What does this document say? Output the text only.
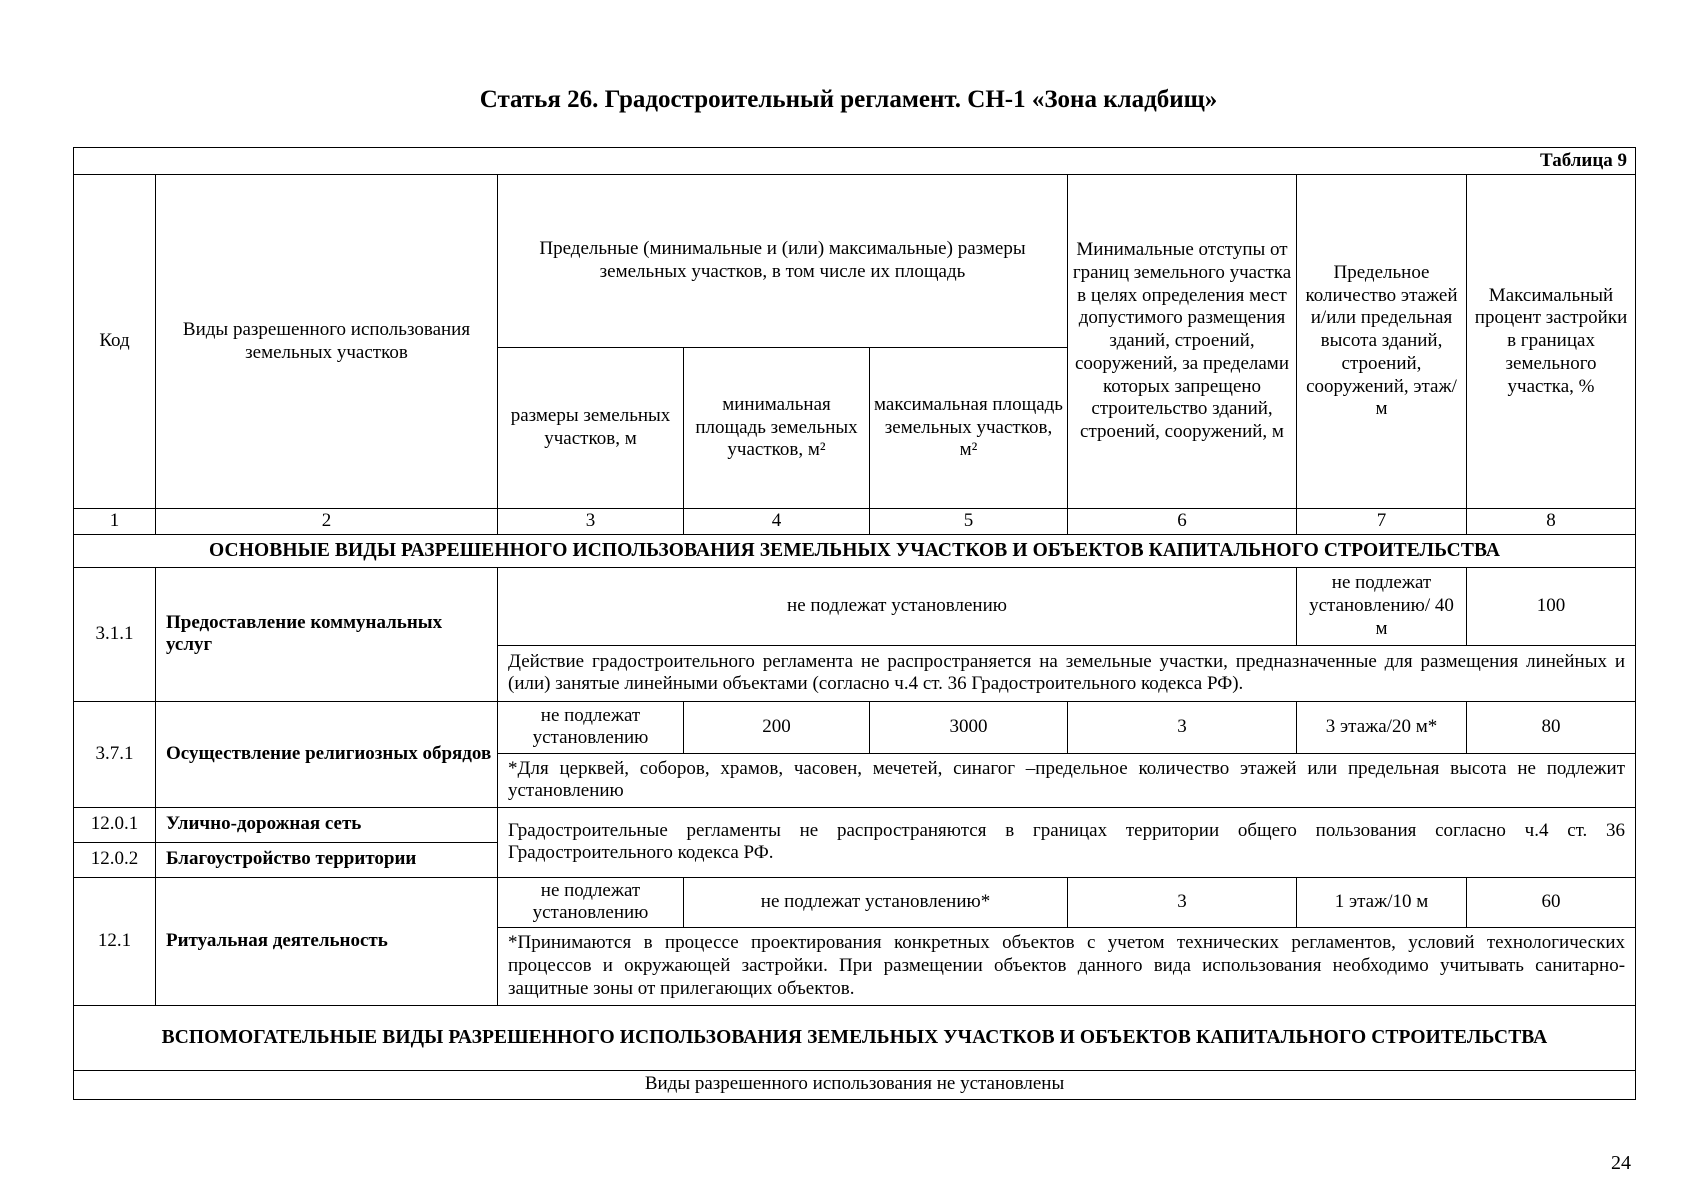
Статья 26. Градостроительный регламент. СН-1 «Зона кладбищ»
Таблица 9							
Код	Виды разрешенного использования земельных участков	Предельные (минимальные и (или) максимальные) размеры земельных участков, в том числе их площадь			Минимальные отступы от границ земельного участка в целях определения мест допустимого размещения зданий, строений, сооружений, за пределами которых запрещено строительство зданий, строений, сооружений, м	Предельное количество этажей и/или предельная высота зданий, строений, сооружений, этаж/м	Максимальный процент застройки в границах земельного участка, %
		размеры земельных участков, м	минимальная площадь земельных участков, м²	максимальная площадь земельных участков, м²			
1	2	3	4	5	6	7	8
ОСНОВНЫЕ ВИДЫ РАЗРЕШЕННОГО ИСПОЛЬЗОВАНИЯ ЗЕМЕЛЬНЫХ УЧАСТКОВ И ОБЪЕКТОВ КАПИТАЛЬНОГО СТРОИТЕЛЬСТВА							
3.1.1	Предоставление коммунальных услуг	не подлежат установлению				не подлежат установлению/ 40 м	100
		Действие градостроительного регламента не распространяется на земельные участки, предназначенные для размещения линейных и (или) занятые линейными объектами (согласно ч.4 ст. 36 Градостроительного кодекса РФ).					
3.7.1	Осуществление религиозных обрядов	не подлежат установлению	200	3000	3	3 этажа/20 м*	80
		*Для церквей, соборов, храмов, часовен, мечетей, синагог –предельное количество этажей или предельная высота не подлежит установлению					
12.0.1	Улично-дорожная сеть	Градостроительные регламенты не распространяются в границах территории общего пользования согласно ч.4 ст. 36 Градостроительного кодекса РФ.					
12.0.2	Благоустройство территории						
12.1	Ритуальная деятельность	не подлежат установлению	не подлежат установлению*		3	1 этаж/10 м	60
		*Принимаются в процессе проектирования конкретных объектов с учетом технических регламентов, условий технологических процессов и окружающей застройки. При размещении объектов данного вида использования необходимо учитывать санитарно-защитные зоны от прилегающих объектов.					
ВСПОМОГАТЕЛЬНЫЕ ВИДЫ РАЗРЕШЕННОГО ИСПОЛЬЗОВАНИЯ ЗЕМЕЛЬНЫХ УЧАСТКОВ И ОБЪЕКТОВ КАПИТАЛЬНОГО СТРОИТЕЛЬСТВА							
Виды разрешенного использования не установлены							
24
